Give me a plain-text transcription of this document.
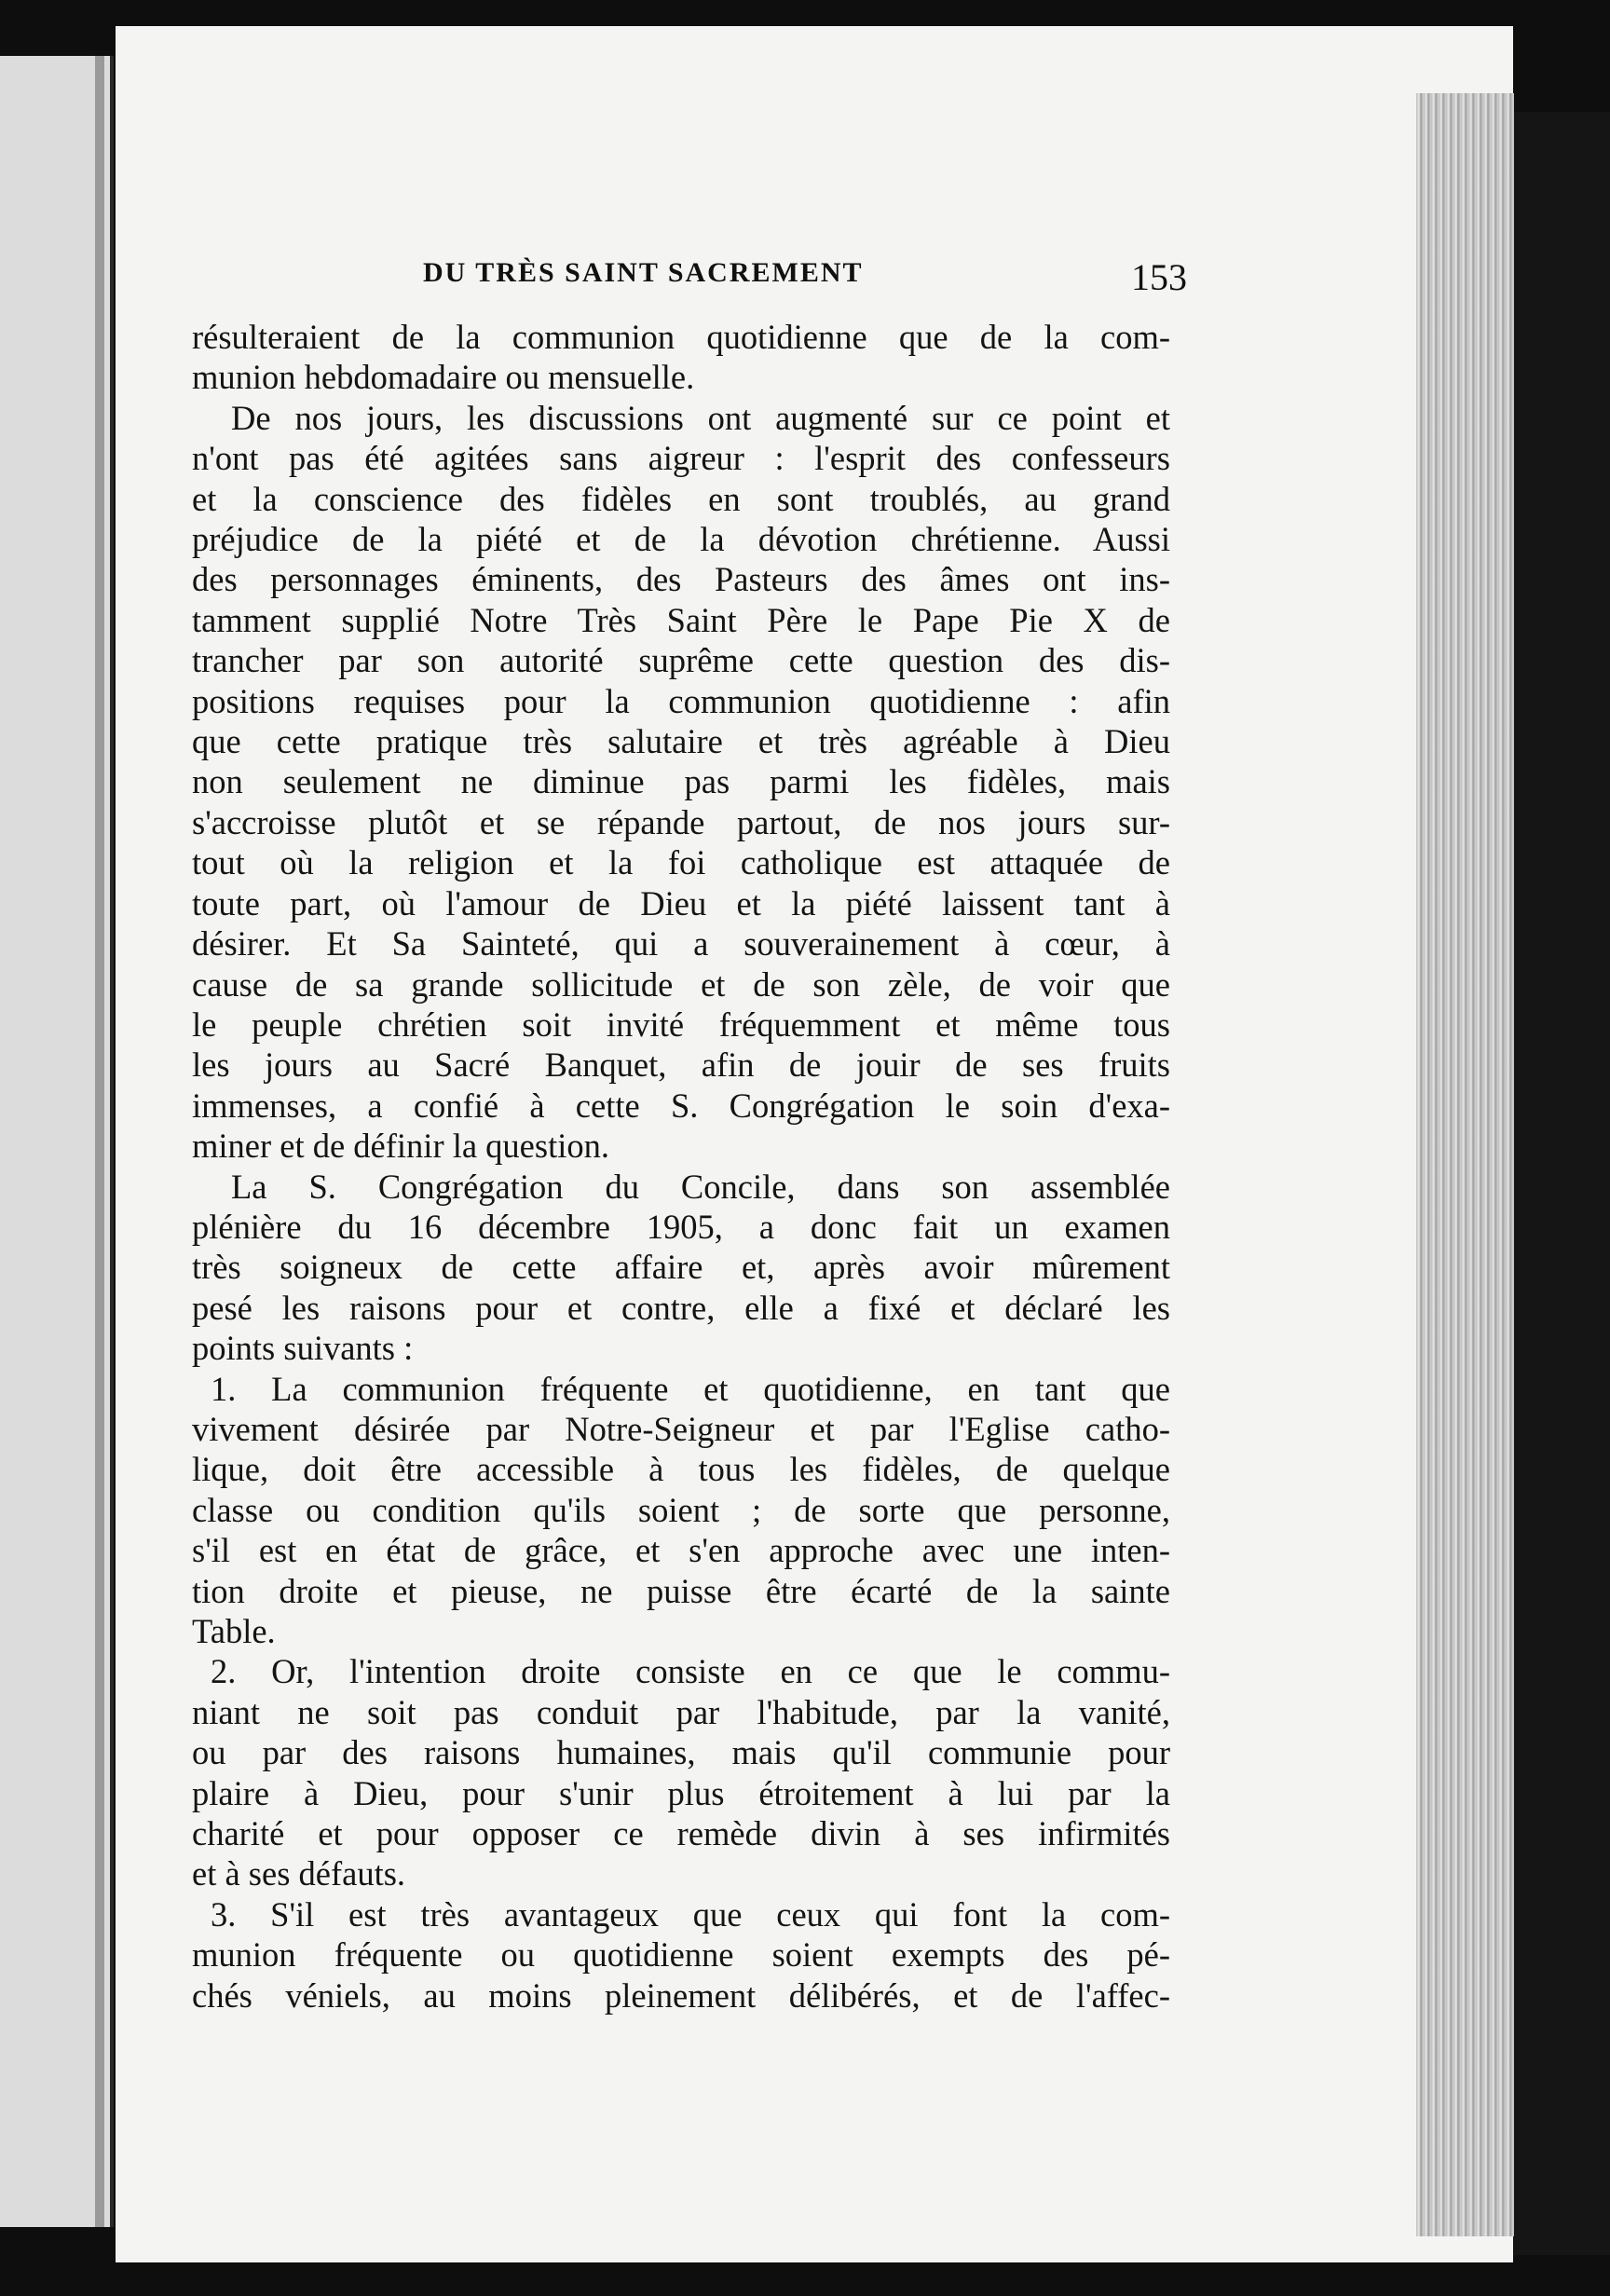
DU TRÈS SAINT SACREMENT	153
résulteraient de la communion quotidienne que de la com-
munion hebdomadaire ou mensuelle.
De nos jours, les discussions ont augmenté sur ce point et
n'ont pas été agitées sans aigreur : l'esprit des confesseurs
et la conscience des fidèles en sont troublés, au grand
préjudice de la piété et de la dévotion chrétienne. Aussi
des personnages éminents, des Pasteurs des âmes ont ins-
tamment supplié Notre Très Saint Père le Pape Pie X de
trancher par son autorité suprême cette question des dis-
positions requises pour la communion quotidienne : afin
que cette pratique très salutaire et très agréable à Dieu
non seulement ne diminue pas parmi les fidèles, mais
s'accroisse plutôt et se répande partout, de nos jours sur-
tout où la religion et la foi catholique est attaquée de
toute part, où l'amour de Dieu et la piété laissent tant à
désirer. Et Sa Sainteté, qui a souverainement à cœur, à
cause de sa grande sollicitude et de son zèle, de voir que
le peuple chrétien soit invité fréquemment et même tous
les jours au Sacré Banquet, afin de jouir de ses fruits
immenses, a confié à cette S. Congrégation le soin d'exa-
miner et de définir la question.
La S. Congrégation du Concile, dans son assemblée
plénière du 16 décembre 1905, a donc fait un examen
très soigneux de cette affaire et, après avoir mûrement
pesé les raisons pour et contre, elle a fixé et déclaré les
points suivants :
1. La communion fréquente et quotidienne, en tant que
vivement désirée par Notre-Seigneur et par l'Eglise catho-
lique, doit être accessible à tous les fidèles, de quelque
classe ou condition qu'ils soient ; de sorte que personne,
s'il est en état de grâce, et s'en approche avec une inten-
tion droite et pieuse, ne puisse être écarté de la sainte
Table.
2. Or, l'intention droite consiste en ce que le commu-
niant ne soit pas conduit par l'habitude, par la vanité,
ou par des raisons humaines, mais qu'il communie pour
plaire à Dieu, pour s'unir plus étroitement à lui par la
charité et pour opposer ce remède divin à ses infirmités
et à ses défauts.
3. S'il est très avantageux que ceux qui font la com-
munion fréquente ou quotidienne soient exempts des pé-
chés véniels, au moins pleinement délibérés, et de l'affec-
